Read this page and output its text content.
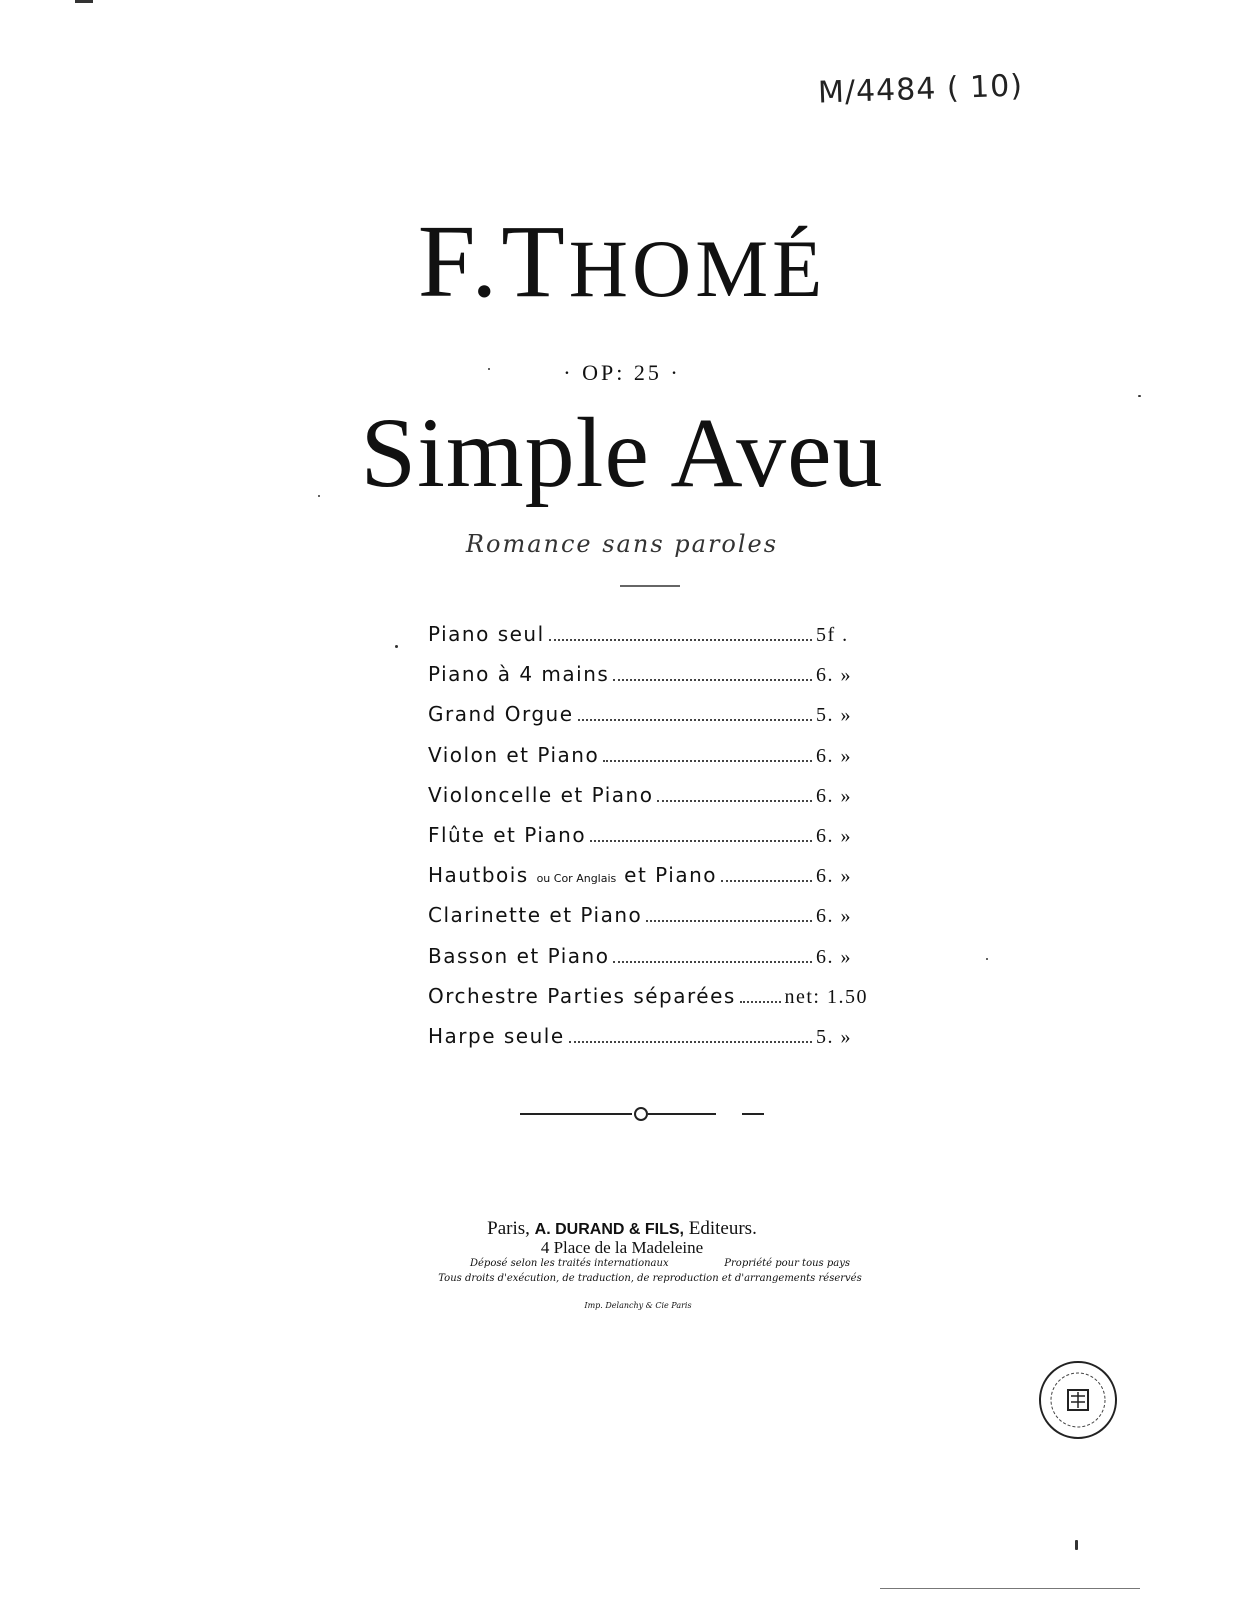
M/4484 ( 10)
F.THOMÉ
· OP: 25 ·
Simple Aveu
Romance sans paroles
Piano seul	5f .
Piano à 4 mains	6. »
Grand Orgue	5. »
Violon et Piano	6. »
Violoncelle et Piano	6. »
Flûte et Piano	6. »
Hautbois ou Cor Anglais et Piano	6. »
Clarinette et Piano	6. »
Basson et Piano	6. »
Orchestre Parties séparées net: 1.50
Harpe seule	5. »
Paris, A. DURAND & FILS, Editeurs.
4 Place de la Madeleine
Déposé selon les traités internationaux	Propriété pour tous pays
Tous droits d'exécution, de traduction, de reproduction et d'arrangements réservés
Imp. Delanchy & Cie Paris
